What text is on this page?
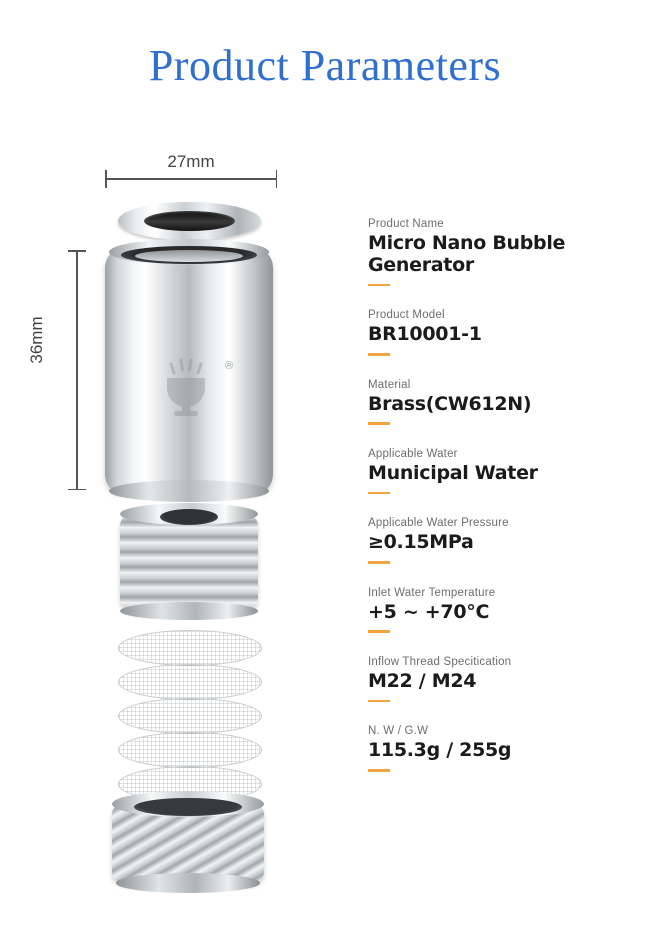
Product Parameters
27mm
36mm
®
Product Name
Micro Nano Bubble Generator
Product Model
BR10001-1
Material
Brass(CW612N)
Applicable Water
Municipal Water
Applicable Water Pressure
≥0.15MPa
Inlet Water Temperature
+5 ~ +70°C
Inflow Thread Specitication
M22 / M24
N. W / G.W
115.3g / 255g
